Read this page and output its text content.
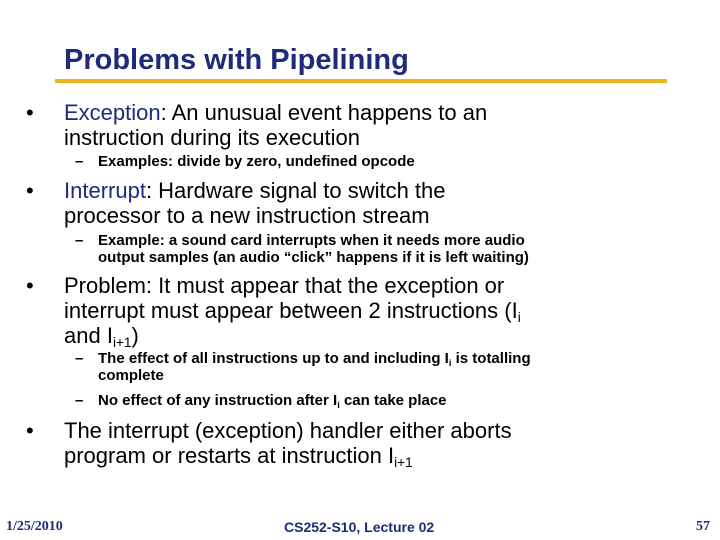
Problems with Pipelining
• Exception: An unusual event happens to an
instruction during its execution
– Examples: divide by zero, undefined opcode
• Interrupt: Hardware signal to switch the
processor to a new instruction stream
– Example: a sound card interrupts when it needs more audio
output samples (an audio “click” happens if it is left waiting)
• Problem: It must appear that the exception or
interrupt must appear between 2 instructions ($I_i$
and $I_{i+1}$)
– The effect of all instructions up to and including $I_i$ is totalling
complete
– No effect of any instruction after $I_i$ can take place
• The interrupt (exception) handler either aborts
program or restarts at instruction $I_{i+1}$
1/25/2010	CS252-S10, Lecture 02	57
